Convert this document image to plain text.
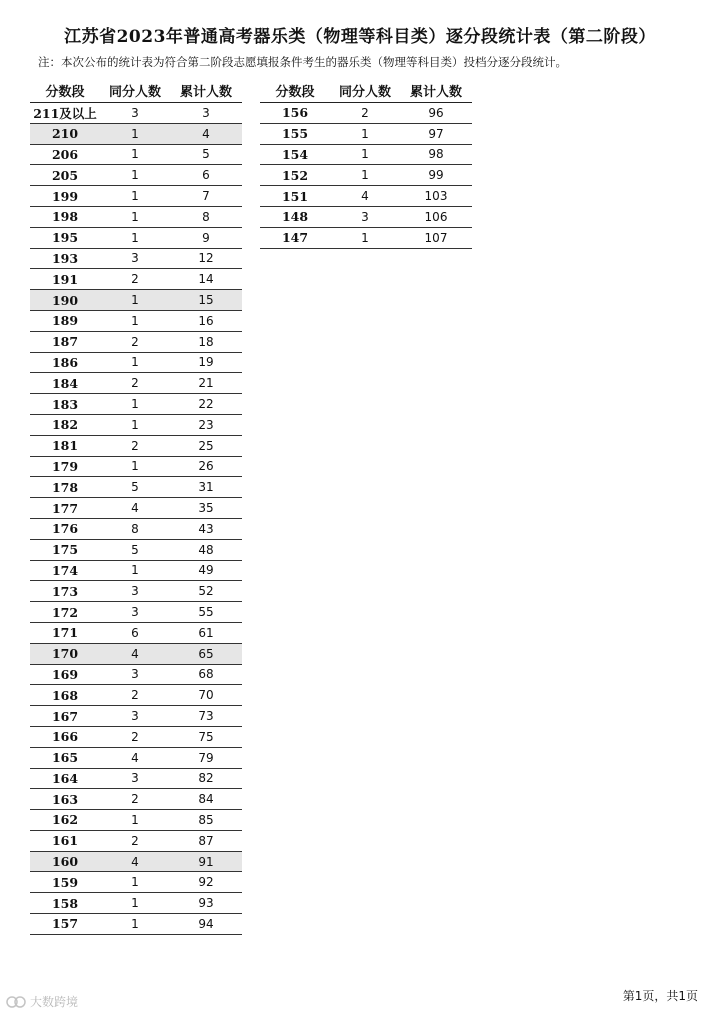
江苏省2023年普通高考器乐类（物理等科目类）逐分段统计表（第二阶段）
注：本次公布的统计表为符合第二阶段志愿填报条件考生的器乐类（物理等科目类）投档分逐分段统计。
分数段	同分人数	累计人数
211及以上	3	3
210	1	4
206	1	5
205	1	6
199	1	7
198	1	8
195	1	9
193	3	12
191	2	14
190	1	15
189	1	16
187	2	18
186	1	19
184	2	21
183	1	22
182	1	23
181	2	25
179	1	26
178	5	31
177	4	35
176	8	43
175	5	48
174	1	49
173	3	52
172	3	55
171	6	61
170	4	65
169	3	68
168	2	70
167	3	73
166	2	75
165	4	79
164	3	82
163	2	84
162	1	85
161	2	87
160	4	91
159	1	92
158	1	93
157	1	94
分数段	同分人数	累计人数
156	2	96
155	1	97
154	1	98
152	1	99
151	4	103
148	3	106
147	1	107
第1页，共1页
大数跨境
